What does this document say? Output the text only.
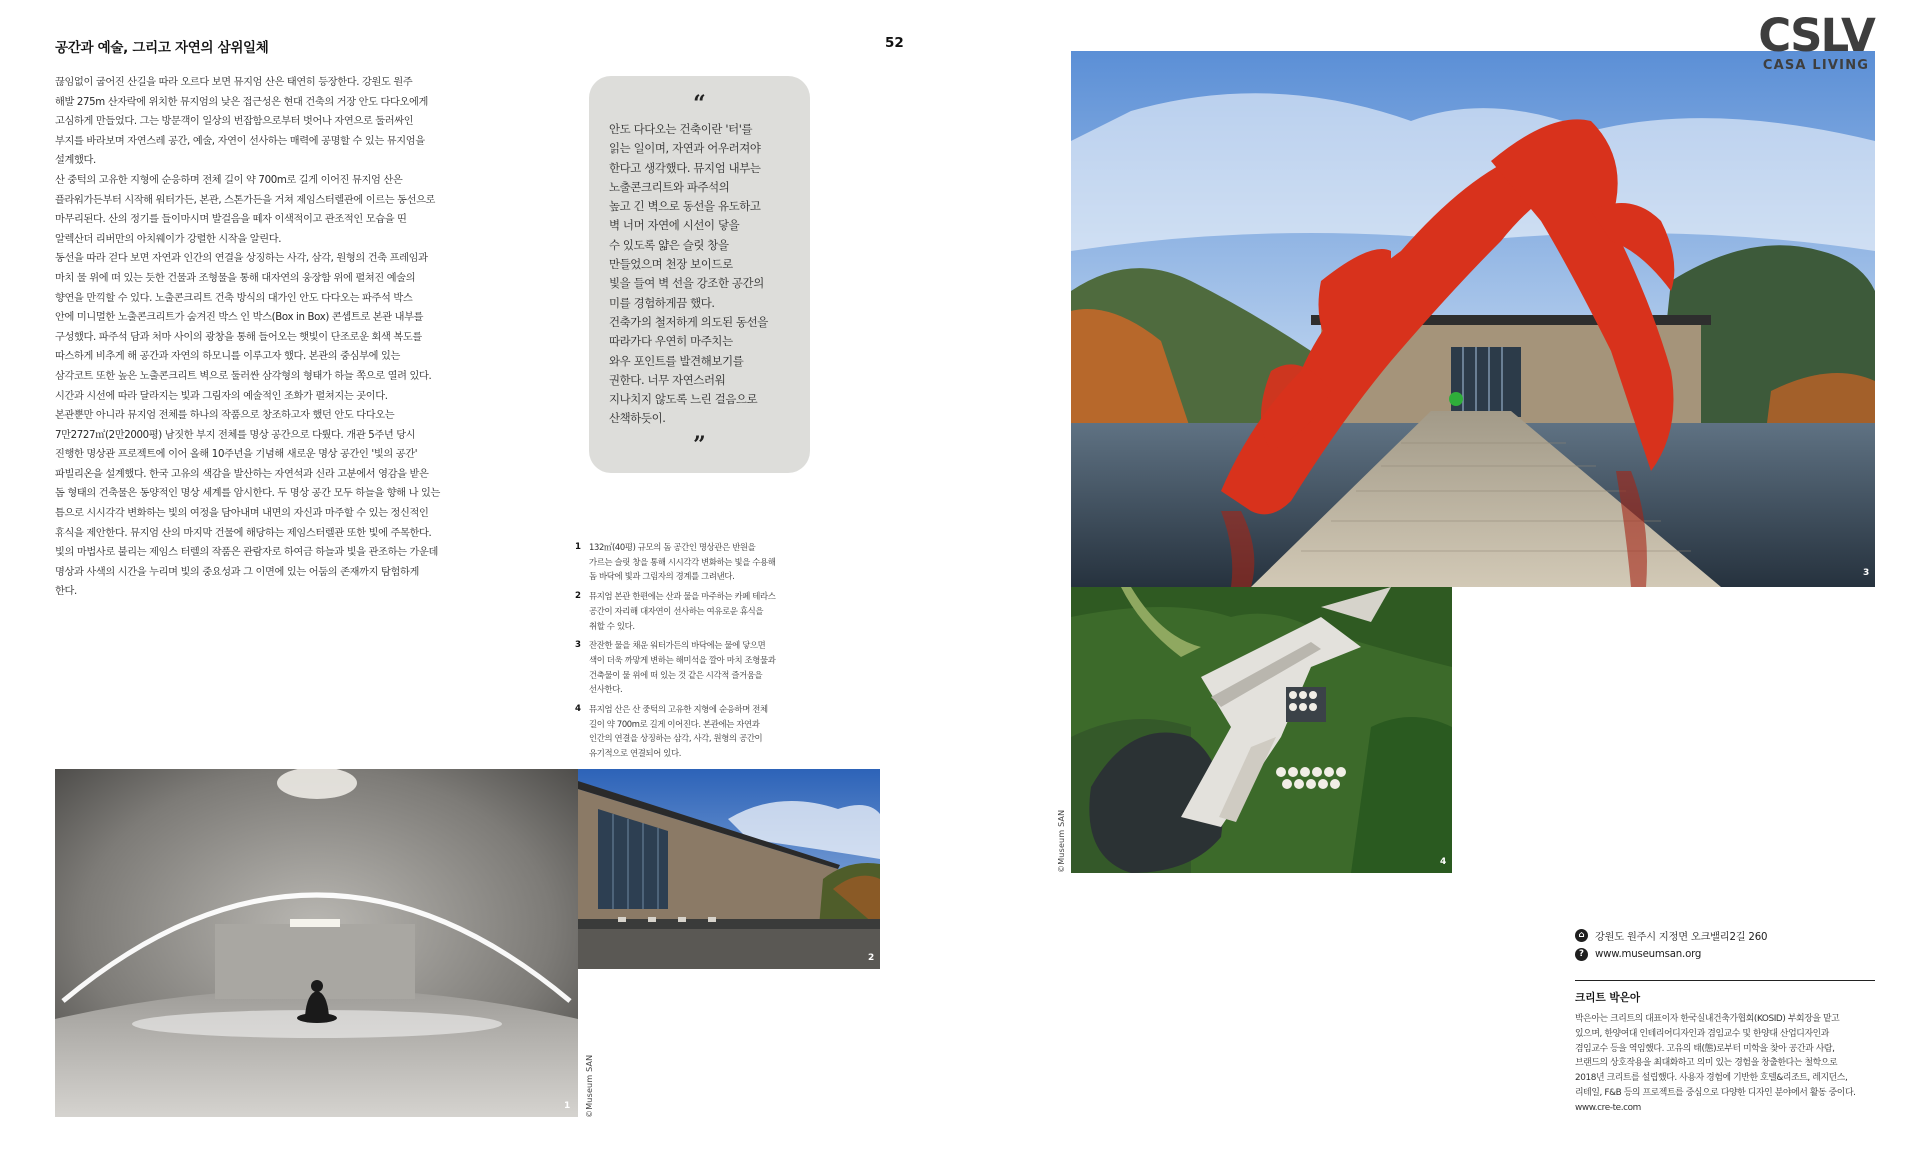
공간과 예술, 그리고 자연의 삼위일체	52
끊임없이 굽어진 산길을 따라 오르다 보면 뮤지엄 산은 태연히 등장한다. 강원도 원주
해발 275m 산자락에 위치한 뮤지엄의 낮은 접근성은 현대 건축의 거장 안도 다다오에게
고심하게 만들었다. 그는 방문객이 일상의 번잡함으로부터 벗어나 자연으로 둘러싸인
부지를 바라보며 자연스레 공간, 예술, 자연이 선사하는 매력에 공명할 수 있는 뮤지엄을
설계했다.
산 중턱의 고유한 지형에 순응하며 전체 길이 약 700m로 길게 이어진 뮤지엄 산은
플라워가든부터 시작해 워터가든, 본관, 스톤가든을 거쳐 제임스터렐관에 이르는 동선으로
마무리된다. 산의 정기를 들이마시며 발걸음을 떼자 이색적이고 관조적인 모습을 띤
알렉산더 리버만의 아치웨이가 강렬한 시작을 알린다.
동선을 따라 걷다 보면 자연과 인간의 연결을 상징하는 사각, 삼각, 원형의 건축 프레임과
마치 물 위에 떠 있는 듯한 건물과 조형물을 통해 대자연의 웅장함 위에 펼쳐진 예술의
향연을 만끽할 수 있다. 노출콘크리트 건축 방식의 대가인 안도 다다오는 파주석 박스
안에 미니멀한 노출콘크리트가 숨겨진 박스 인 박스(Box in Box) 콘셉트로 본관 내부를
구성했다. 파주석 담과 처마 사이의 광창을 통해 들어오는 햇빛이 단조로운 회색 복도를
따스하게 비추게 해 공간과 자연의 하모니를 이루고자 했다. 본관의 중심부에 있는
삼각코트 또한 높은 노출콘크리트 벽으로 둘러싼 삼각형의 형태가 하늘 쪽으로 열려 있다.
시간과 시선에 따라 달라지는 빛과 그림자의 예술적인 조화가 펼쳐지는 곳이다.
본관뿐만 아니라 뮤지엄 전체를 하나의 작품으로 창조하고자 했던 안도 다다오는
7만2727㎡(2만2000평) 남짓한 부지 전체를 명상 공간으로 다뤘다. 개관 5주년 당시
진행한 명상관 프로젝트에 이어 올해 10주년을 기념해 새로운 명상 공간인 '빛의 공간'
파빌리온을 설계했다. 한국 고유의 색감을 발산하는 자연석과 신라 고분에서 영감을 받은
돔 형태의 건축물은 동양적인 명상 세계를 암시한다. 두 명상 공간 모두 하늘을 향해 나 있는
틈으로 시시각각 변화하는 빛의 여정을 담아내며 내면의 자신과 마주할 수 있는 정신적인
휴식을 제안한다. 뮤지엄 산의 마지막 건물에 해당하는 제임스터렐관 또한 빛에 주목한다.
빛의 마법사로 불리는 제임스 터렐의 작품은 관람자로 하여금 하늘과 빛을 관조하는 가운데
명상과 사색의 시간을 누리며 빛의 중요성과 그 이면에 있는 어둠의 존재까지 탐험하게
한다.
“
안도 다다오는 건축이란 '터'를
읽는 일이며, 자연과 어우러져야
한다고 생각했다. 뮤지엄 내부는
노출콘크리트와 파주석의
높고 긴 벽으로 동선을 유도하고
벽 너머 자연에 시선이 닿을
수 있도록 얇은 슬릿 창을
만들었으며 천장 보이드로
빛을 들여 벽 선을 강조한 공간의
미를 경험하게끔 했다.
건축가의 철저하게 의도된 동선을
따라가다 우연히 마주치는
와우 포인트를 발견해보기를
권한다. 너무 자연스러워
지나치지 않도록 느린 걸음으로
산책하듯이.
”
1 132㎡(40평) 규모의 돔 공간인 명상관은 반원을
가르는 슬릿 창을 통해 시시각각 변화하는 빛을 수용해
돔 바닥에 빛과 그림자의 경계를 그려낸다.
2 뮤지엄 본관 한편에는 산과 물을 마주하는 카페 테라스
공간이 자리해 대자연이 선사하는 여유로운 휴식을
취할 수 있다.
3 잔잔한 물을 채운 워터가든의 바닥에는 물에 닿으면
색이 더욱 까맣게 변하는 해미석을 깔아 마치 조형물과
건축물이 물 위에 떠 있는 것 같은 시각적 즐거움을
선사한다.
4 뮤지엄 산은 산 중턱의 고유한 지형에 순응하며 전체
길이 약 700m로 길게 이어진다. 본관에는 자연과
인간의 연결을 상징하는 삼각, 사각, 원형의 공간이
유기적으로 연결되어 있다.
1 ©Museum SAN
2
3
4
©Museum SAN
CSLV
CASA LIVING
⌂	강원도 원주시 지정면 오크밸리2길 260
?	www.museumsan.org
크리트 박은아
박은아는 크리트의 대표이자 한국실내건축가협회(KOSID) 부회장을 맡고
있으며, 한양여대 인테리어디자인과 겸임교수 및 한양대 산업디자인과
겸임교수 등을 역임했다. 고유의 태(態)로부터 미학을 찾아 공간과 사람,
브랜드의 상호작용을 최대화하고 의미 있는 경험을 창출한다는 철학으로
2018년 크리트를 설립했다. 사용자 경험에 기반한 호텔&리조트, 레지던스,
리테일, F&B 등의 프로젝트를 중심으로 다양한 디자인 분야에서 활동 중이다.
www.cre-te.com
